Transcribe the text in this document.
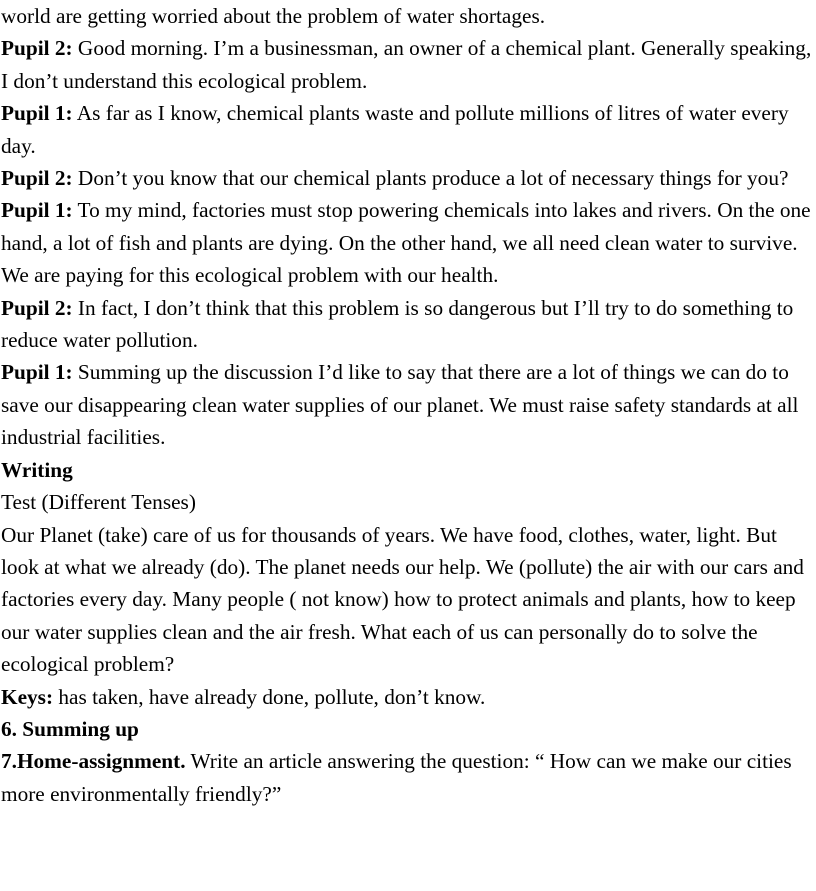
world are getting worried about the problem of water shortages.

Pupil 2: Good morning. I’m a businessman, an owner of a chemical plant. Generally speaking, I don’t understand this ecological problem.

Pupil 1: As far as I know, chemical plants waste and pollute millions of litres of water every day.

Pupil 2: Don’t you know that our chemical plants produce a lot of necessary things for you?

Pupil 1: To my mind, factories must stop powering chemicals into lakes and rivers. On the one hand, a lot of fish and plants are dying. On the other hand, we all need clean water to survive. We are paying for this ecological problem with our health.

Pupil 2: In fact, I don’t think that this problem is so dangerous but I’ll try to do something to reduce water pollution.

Pupil 1: Summing up the discussion I’d like to say that there are a lot of things we can do to save our disappearing clean water supplies of our planet. We must raise safety standards at all industrial facilities.

Writing

Test (Different Tenses)

Our Planet (take) care of us for thousands of years. We have food, clothes, water, light. But look at what we already (do). The planet needs our help. We (pollute) the air with our cars and factories every day. Many people ( not know) how to protect animals and plants, how to keep our water supplies clean and the air fresh. What each of us can personally do to solve the ecological problem?

Keys: has taken, have already done, pollute, don’t know.

6. Summing up

7.Home-assignment. Write an article answering the question: “ How can we make our cities more environmentally friendly?”
